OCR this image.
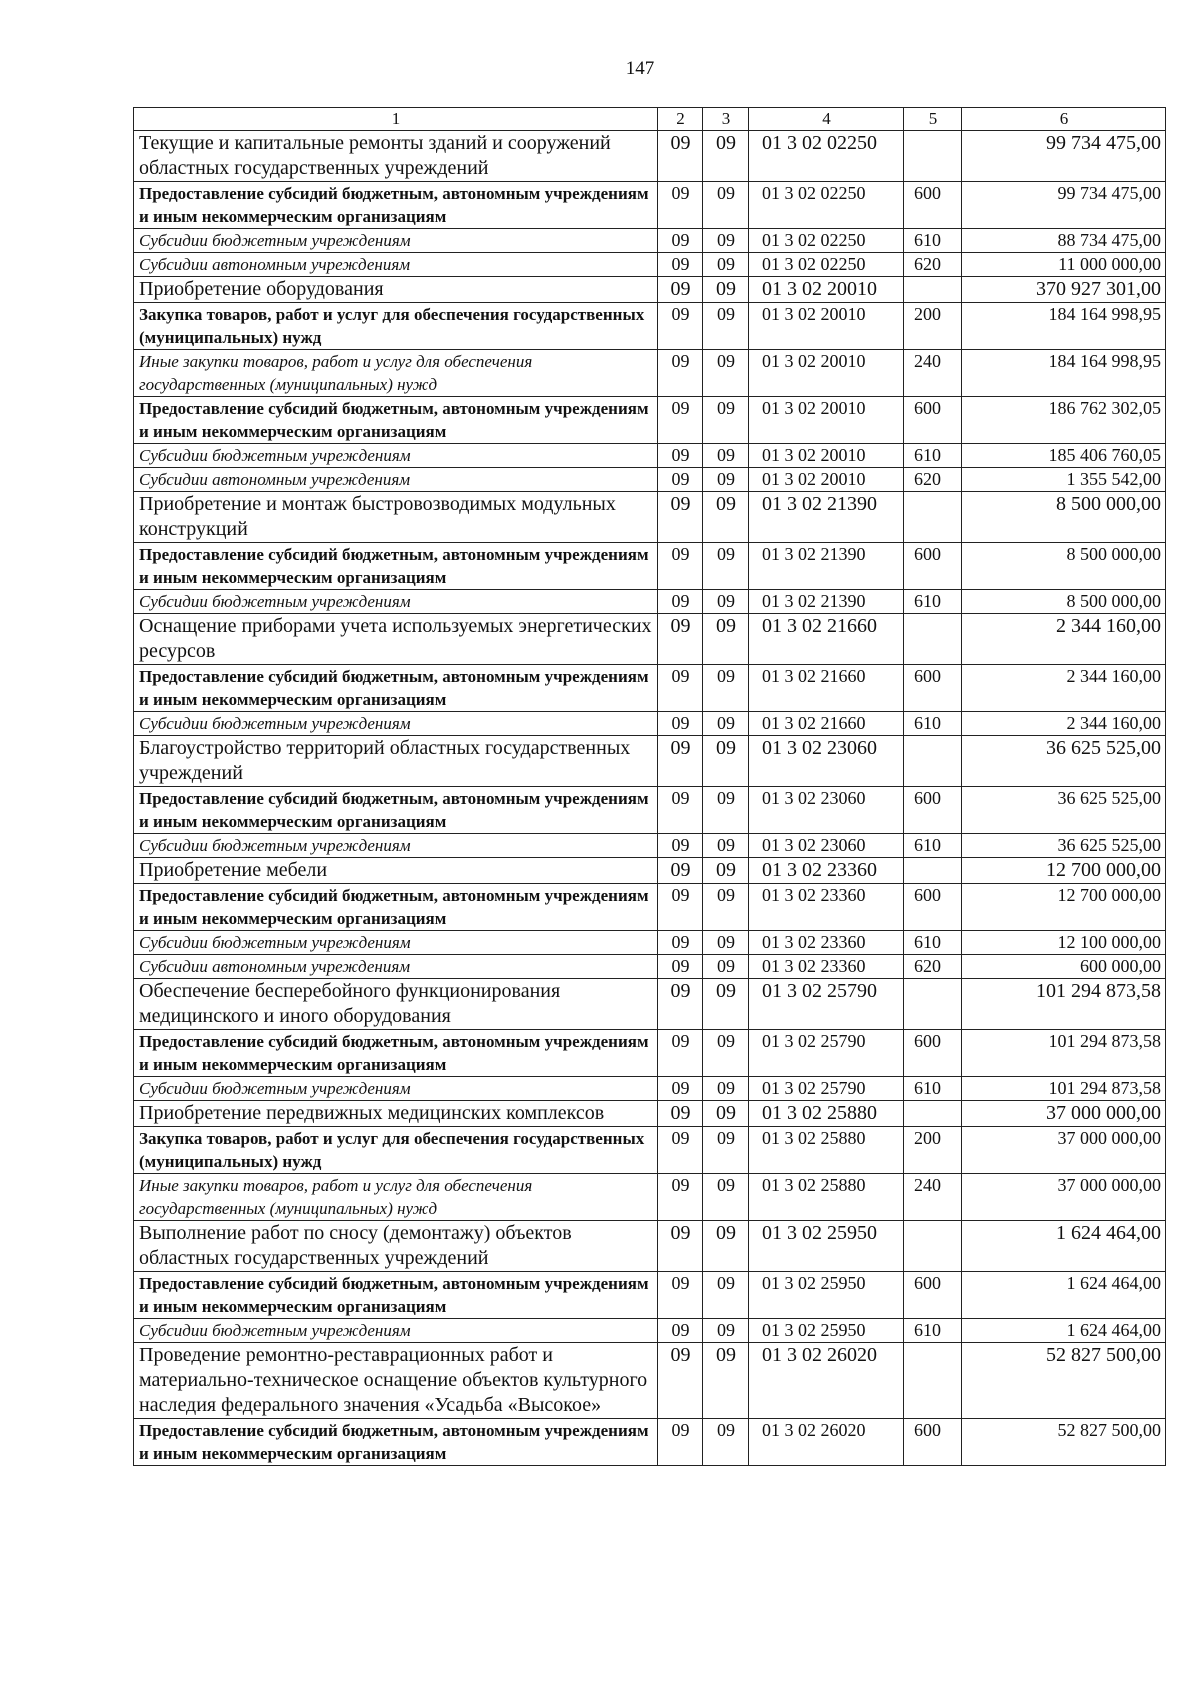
147
1	2	3	4	5	6
Текущие и капитальные ремонты зданий и сооружений областных государственных учреждений	09	09	01 3 02 02250		99 734 475,00
Предоставление субсидий бюджетным, автономным учреждениям и иным некоммерческим организациям	09	09	01 3 02 02250	600	99 734 475,00
Субсидии бюджетным учреждениям	09	09	01 3 02 02250	610	88 734 475,00
Субсидии автономным учреждениям	09	09	01 3 02 02250	620	11 000 000,00
Приобретение оборудования	09	09	01 3 02 20010		370 927 301,00
Закупка товаров, работ и услуг для обеспечения государственных (муниципальных) нужд	09	09	01 3 02 20010	200	184 164 998,95
Иные закупки товаров, работ и услуг для обеспечения государственных (муниципальных) нужд	09	09	01 3 02 20010	240	184 164 998,95
Предоставление субсидий бюджетным, автономным учреждениям и иным некоммерческим организациям	09	09	01 3 02 20010	600	186 762 302,05
Субсидии бюджетным учреждениям	09	09	01 3 02 20010	610	185 406 760,05
Субсидии автономным учреждениям	09	09	01 3 02 20010	620	1 355 542,00
Приобретение и монтаж быстровозводимых модульных конструкций	09	09	01 3 02 21390		8 500 000,00
Предоставление субсидий бюджетным, автономным учреждениям и иным некоммерческим организациям	09	09	01 3 02 21390	600	8 500 000,00
Субсидии бюджетным учреждениям	09	09	01 3 02 21390	610	8 500 000,00
Оснащение приборами учета используемых энергетических ресурсов	09	09	01 3 02 21660		2 344 160,00
Предоставление субсидий бюджетным, автономным учреждениям и иным некоммерческим организациям	09	09	01 3 02 21660	600	2 344 160,00
Субсидии бюджетным учреждениям	09	09	01 3 02 21660	610	2 344 160,00
Благоустройство территорий областных государственных учреждений	09	09	01 3 02 23060		36 625 525,00
Предоставление субсидий бюджетным, автономным учреждениям и иным некоммерческим организациям	09	09	01 3 02 23060	600	36 625 525,00
Субсидии бюджетным учреждениям	09	09	01 3 02 23060	610	36 625 525,00
Приобретение мебели	09	09	01 3 02 23360		12 700 000,00
Предоставление субсидий бюджетным, автономным учреждениям и иным некоммерческим организациям	09	09	01 3 02 23360	600	12 700 000,00
Субсидии бюджетным учреждениям	09	09	01 3 02 23360	610	12 100 000,00
Субсидии автономным учреждениям	09	09	01 3 02 23360	620	600 000,00
Обеспечение бесперебойного функционирования медицинского и иного оборудования	09	09	01 3 02 25790		101 294 873,58
Предоставление субсидий бюджетным, автономным учреждениям и иным некоммерческим организациям	09	09	01 3 02 25790	600	101 294 873,58
Субсидии бюджетным учреждениям	09	09	01 3 02 25790	610	101 294 873,58
Приобретение передвижных медицинских комплексов	09	09	01 3 02 25880		37 000 000,00
Закупка товаров, работ и услуг для обеспечения государственных (муниципальных) нужд	09	09	01 3 02 25880	200	37 000 000,00
Иные закупки товаров, работ и услуг для обеспечения государственных (муниципальных) нужд	09	09	01 3 02 25880	240	37 000 000,00
Выполнение работ по сносу (демонтажу) объектов областных государственных учреждений	09	09	01 3 02 25950		1 624 464,00
Предоставление субсидий бюджетным, автономным учреждениям и иным некоммерческим организациям	09	09	01 3 02 25950	600	1 624 464,00
Субсидии бюджетным учреждениям	09	09	01 3 02 25950	610	1 624 464,00
Проведение ремонтно-реставрационных работ и материально-техническое оснащение объектов культурного наследия федерального значения «Усадьба «Высокое»	09	09	01 3 02 26020		52 827 500,00
Предоставление субсидий бюджетным, автономным учреждениям и иным некоммерческим организациям	09	09	01 3 02 26020	600	52 827 500,00
